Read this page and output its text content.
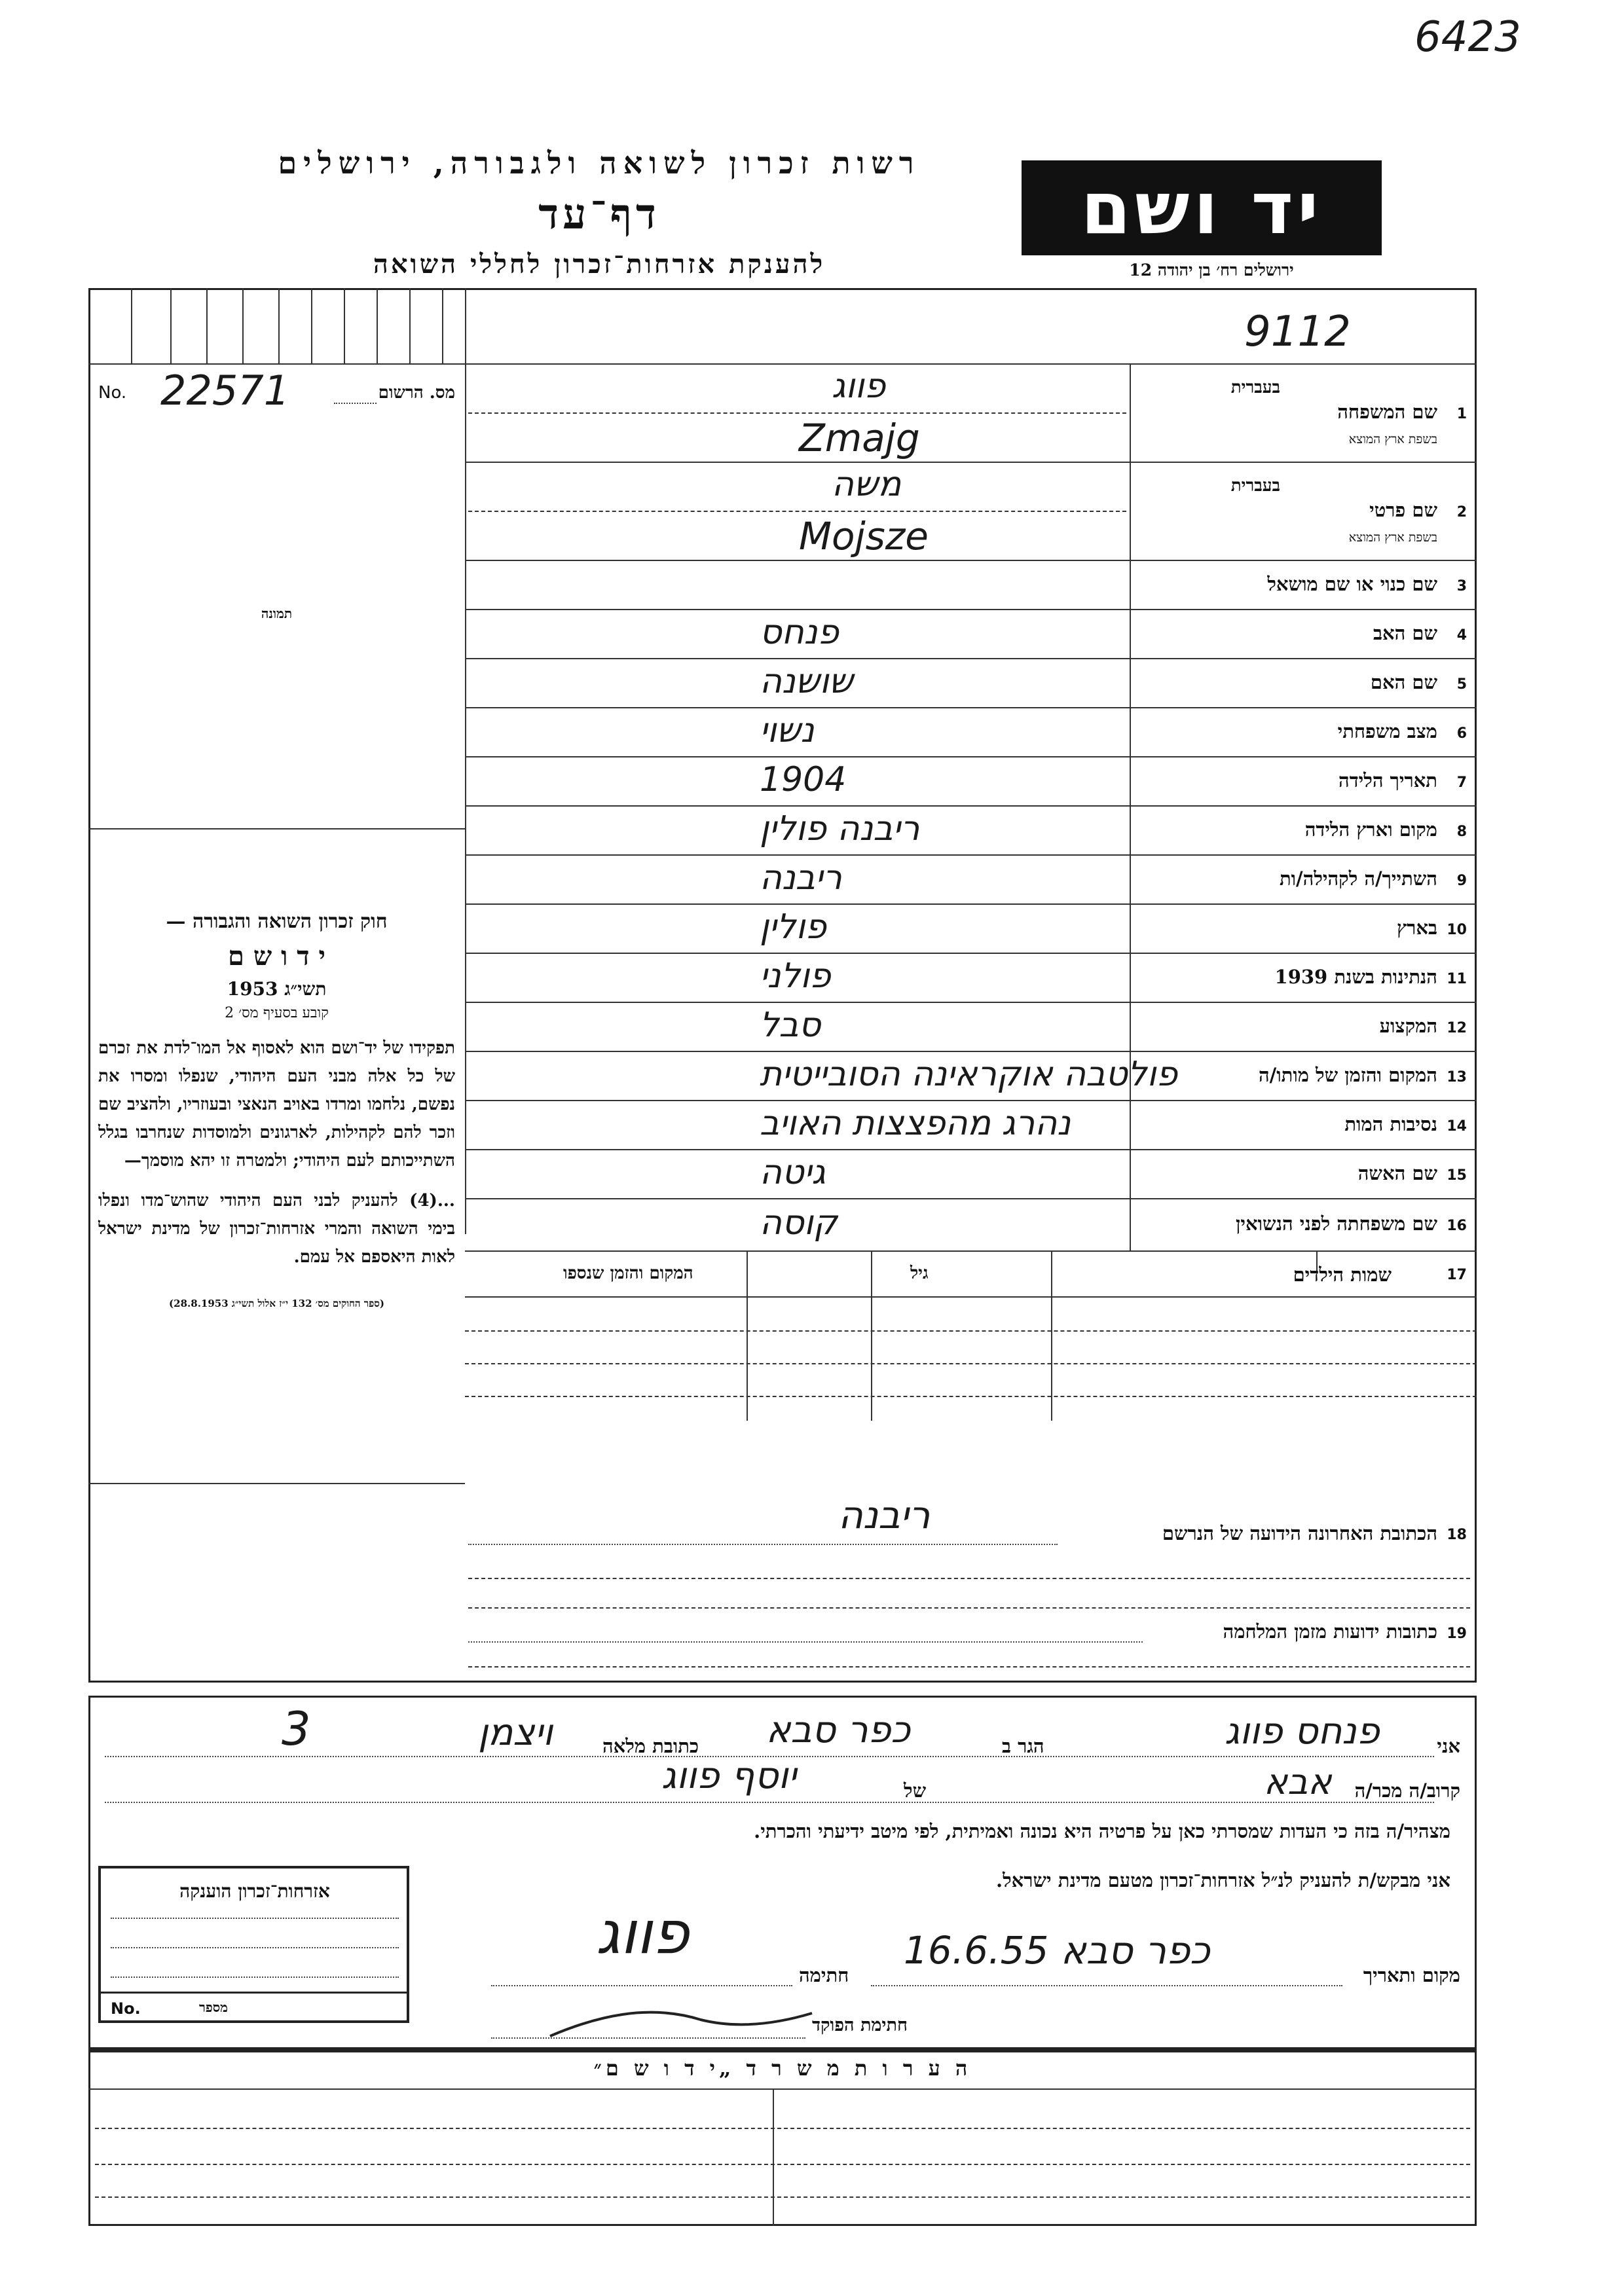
6423
רשות זכרון לשואה ולגבורה, ירושלים
דף־עד
להענקת אזרחות־זכרון לחללי השואה
יד ושם
ירושלים רח׳ בן יהודה 12
9112
No. 22571	מס. הרשום
תמונה
חוק זכרון השואה והגבורה —
י ד ו ש ם
תשי״ג 1953
קובע בסעיף מס׳ 2
תפקידו של יד־ושם הוא לאסוף אל המו־לדת את זכרם של כל אלה מבני העם היהודי, שנפלו ומסרו את נפשם, נלחמו ומרדו באויב הנאצי ובעוזריו, ולהציב שם וזכר להם לקהילות, לארגונים ולמוסדות שנחרבו בגלל השתייכותם לעם היהודי; ולמטרה זו יהא מוסמך—
...(4) להעניק לבני העם היהודי שהוש־מדו ונפלו בימי השואה והמרי אזרחות־זכרון של מדינת ישראל לאות היאספם אל עמם.
(ספר החוקים מס׳ 132 י״ז אלול תשי״ג 28.8.1953)
1
שם המשפחה
בעברית
בשפת ארץ המוצא
Zmajg
פווג
2
שם פרטי
בעברית
בשפת ארץ המוצא
Mojsze
משה
3
שם כנוי או שם מושאל
4
שם האב
פנחס
5
שם האם
שושנה
6
מצב משפחתי
נשוי
7
תאריך הלידה
1904
8
מקום וארץ הלידה
ריבנה פולין
9
השתייך/ה לקהילה/ות
ריבנה
10
בארץ
פולין
11
הנתינות בשנת 1939
פולני
12
המקצוע
סבל
13
המקום והזמן של מותו/ה
פולטבה אוקראינה הסובייטית
14
נסיבות המות
נהרג מהפצצות האויב
15
שם האשה
גיטה
16
שם משפחתה לפני הנשואין
קוסה
17
שמות הילדים
גיל
המקום והזמן שנספו
18
הכתובת האחרונה הידועה של הנרשם
ריבנה
19
כתובות ידועות מזמן המלחמה
אני
פנחס פווג
הגר ב
כפר סבא
כתובת מלאה
ויצמן
3
קרוב/ה מכר/ה
אבא
של
יוסף פווג
מצהיר/ה בזה כי העדות שמסרתי כאן על פרטיה היא נכונה ואמיתית, לפי מיטב ידיעתי והכרתי.
אני מבקש/ת להעניק לנ״ל אזרחות־זכרון מטעם מדינת ישראל.
מקום ותאריך
כפר סבא 16.6.55
חתימה
פווג
חתימת הפוקד
אזרחות־זכרון הוענקה
No.	מספר
ה ע ר ו ת מ ש ר ד „י ד ו ש ם״
